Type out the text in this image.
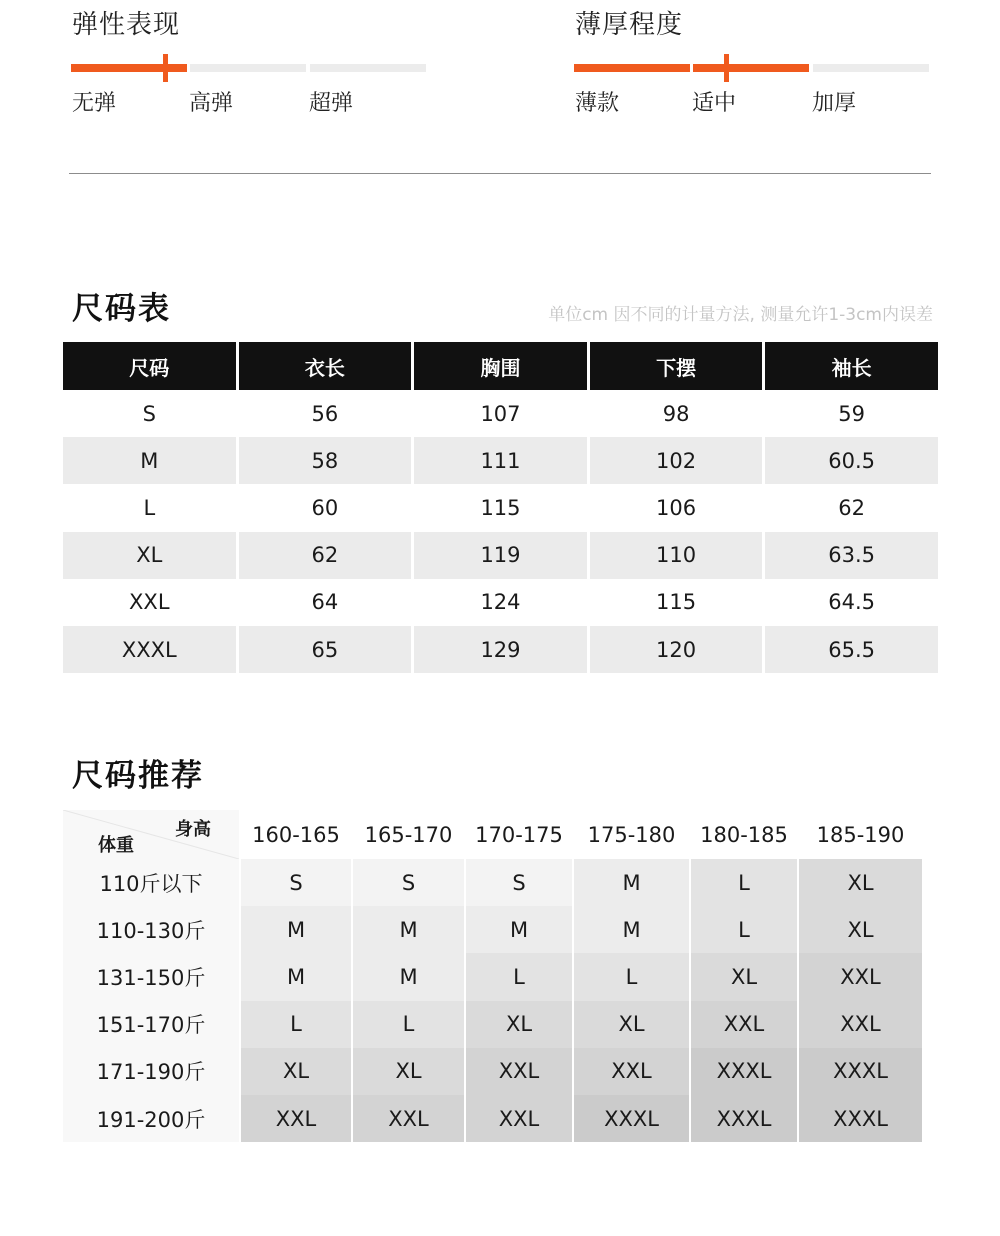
弹性表现
无弹	高弹	超弹
薄厚程度
薄款	适中	加厚
尺码表	单位cm 因不同的计量方法, 测量允许1-3cm内误差
尺码	衣长	胸围	下摆	袖长
S	56	107	98	59
M	58	111	102	60.5
L	60	115	106	62
XL	62	119	110	63.5
XXL	64	124	115	64.5
XXXL	65	129	120	65.5
尺码推荐
身高
体重	160-165	165-170	170-175	175-180	180-185	185-190
110斤以下	S	S	S	M	L	XL
110-130斤	M	M	M	M	L	XL
131-150斤	M	M	L	L	XL	XXL
151-170斤	L	L	XL	XL	XXL	XXL
171-190斤	XL	XL	XXL	XXL	XXXL	XXXL
191-200斤	XXL	XXL	XXL	XXXL	XXXL	XXXL
